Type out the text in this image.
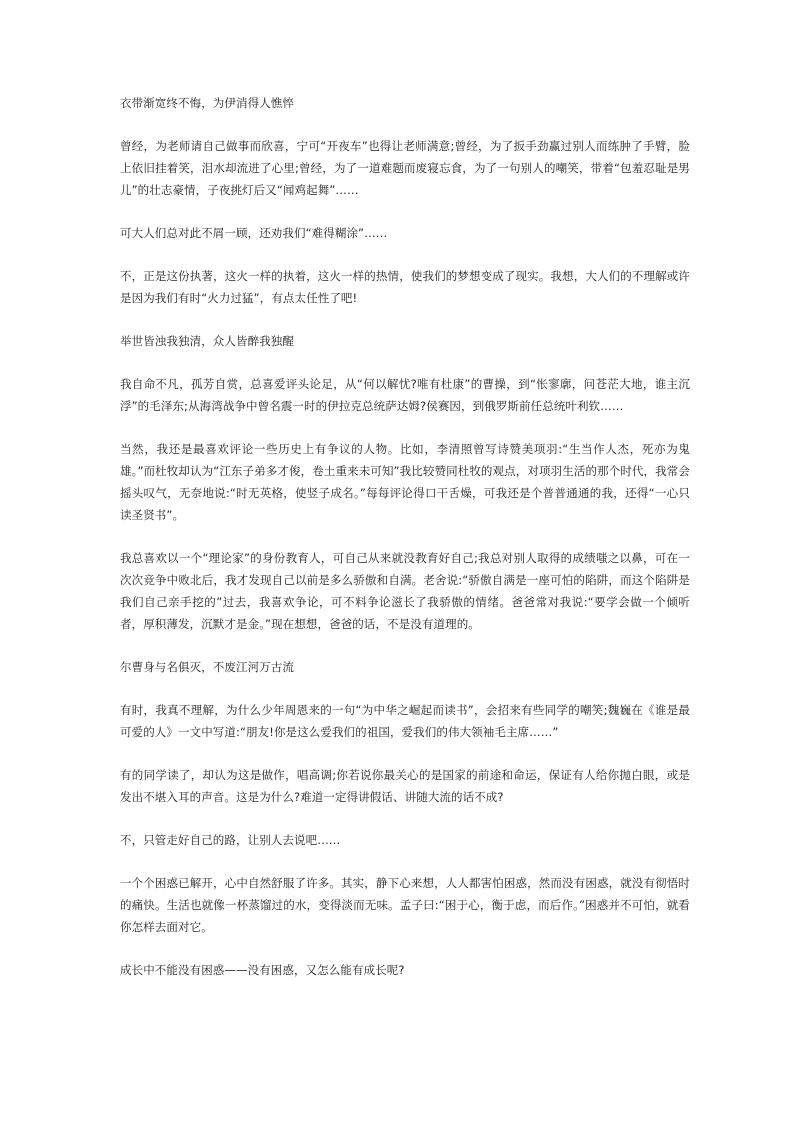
衣带渐宽终不悔，为伊消得人憔悴

曾经，为老师请自己做事而欣喜，宁可“开夜车”也得让老师满意;曾经，为了扳手劲赢过别人而练肿了手臂，脸上依旧挂着笑，泪水却流进了心里;曾经，为了一道难题而废寝忘食，为了一句别人的嘲笑，带着“包羞忍耻是男儿”的壮志豪情，子夜挑灯后又“闻鸡起舞”……

可大人们总对此不屑一顾，还劝我们“难得糊涂”……

不，正是这份执著，这火一样的执着，这火一样的热情，使我们的梦想变成了现实。我想，大人们的不理解或许是因为我们有时“火力过猛”，有点太任性了吧!

举世皆浊我独清，众人皆醉我独醒

我自命不凡，孤芳自赏，总喜爱评头论足，从“何以解忧?唯有杜康”的曹操，到“怅寥廓，问苍茫大地，谁主沉浮”的毛泽东;从海湾战争中曾名震一时的伊拉克总统萨达姆?侯赛因，到俄罗斯前任总统叶利钦……

当然，我还是最喜欢评论一些历史上有争议的人物。比如，李清照曾写诗赞美项羽:“生当作人杰，死亦为鬼雄。”而杜牧却认为“江东子弟多才俊，卷土重来未可知”我比较赞同杜牧的观点，对项羽生活的那个时代，我常会摇头叹气，无奈地说:“时无英格，使竖子成名。”每每评论得口干舌燥，可我还是个普普通通的我，还得“一心只读圣贤书”。

我总喜欢以一个“理论家”的身份教育人，可自己从来就没教育好自己;我总对别人取得的成绩嗤之以鼻，可在一次次竞争中败北后，我才发现自己以前是多么骄傲和自满。老舍说:“骄傲自满是一座可怕的陷阱，而这个陷阱是我们自己亲手挖的”过去，我喜欢争论，可不料争论滋长了我骄傲的情绪。爸爸常对我说:“要学会做一个倾听者，厚积薄发，沉默才是金。”现在想想，爸爸的话，不是没有道理的。

尔曹身与名俱灭，不废江河万古流

有时，我真不理解，为什么少年周恩来的一句“为中华之崛起而读书”，会招来有些同学的嘲笑;魏巍在《谁是最可爱的人》一文中写道:“朋友!你是这么爱我们的祖国，爱我们的伟大领袖毛主席……”

有的同学读了，却认为这是做作，唱高调;你若说你最关心的是国家的前途和命运，保证有人给你抛白眼，或是发出不堪入耳的声音。这是为什么?难道一定得讲假话、讲随大流的话不成?

不，只管走好自己的路，让别人去说吧……

一个个困惑已解开，心中自然舒服了许多。其实，静下心来想，人人都害怕困惑，然而没有困惑，就没有彻悟时的痛快。生活也就像一杯蒸馏过的水，变得淡而无味。孟子曰:“困于心，衡于虑，而后作。”困惑并不可怕，就看你怎样去面对它。

成长中不能没有困惑——没有困惑，又怎么能有成长呢?
